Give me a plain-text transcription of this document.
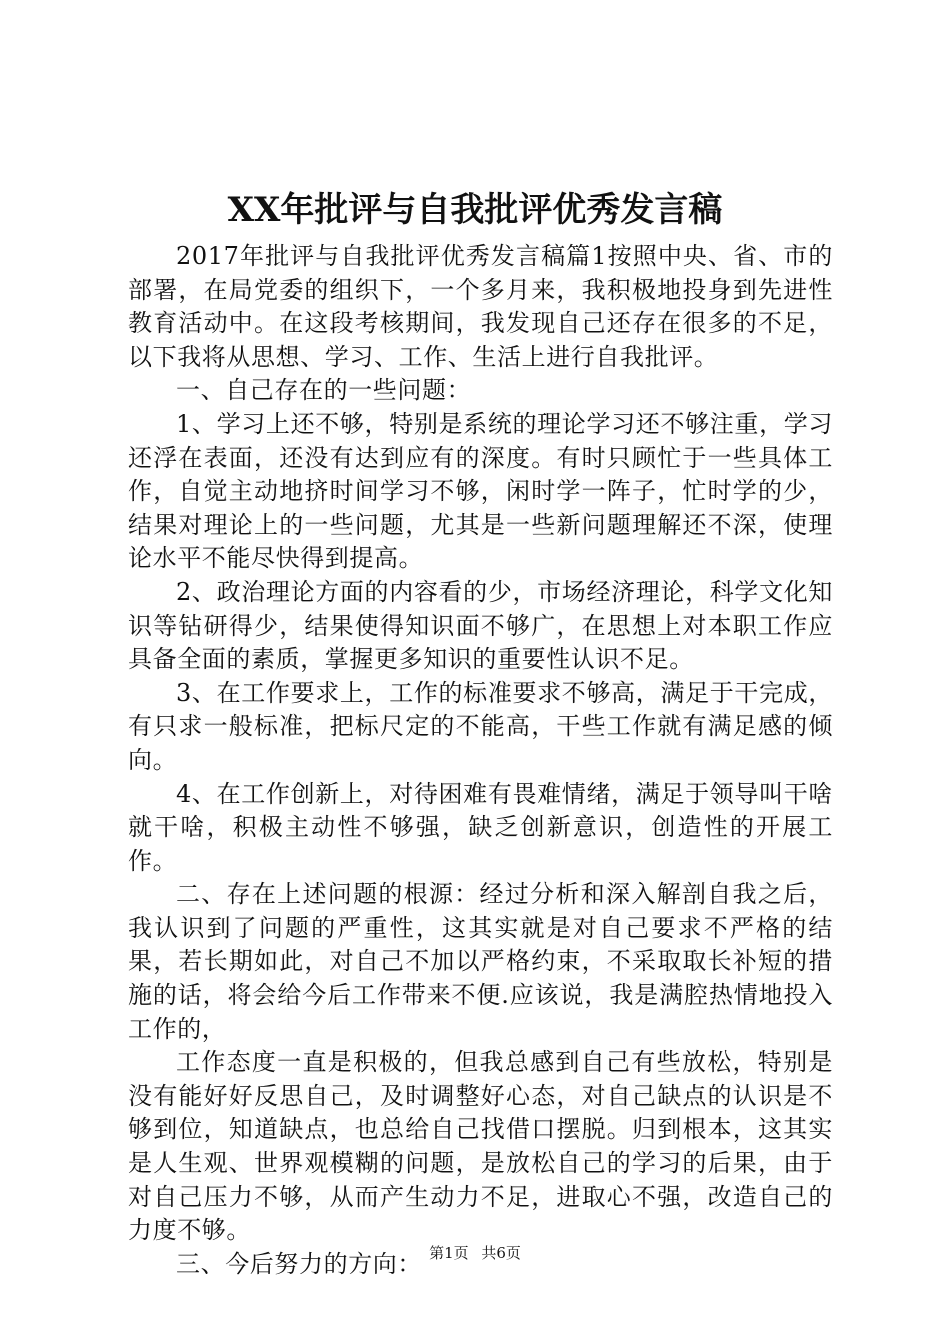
XX年批评与自我批评优秀发言稿

2017年批评与自我批评优秀发言稿篇1按照中央、省、市的部署，在局党委的组织下，一个多月来，我积极地投身到先进性教育活动中。在这段考核期间，我发现自己还存在很多的不足，以下我将从思想、学习、工作、生活上进行自我批评。

一、自己存在的一些问题：

1、学习上还不够，特别是系统的理论学习还不够注重，学习还浮在表面，还没有达到应有的深度。有时只顾忙于一些具体工作，自觉主动地挤时间学习不够，闲时学一阵子，忙时学的少，结果对理论上的一些问题，尤其是一些新问题理解还不深，使理论水平不能尽快得到提高。

2、政治理论方面的内容看的少，市场经济理论，科学文化知识等钻研得少，结果使得知识面不够广，在思想上对本职工作应具备全面的素质，掌握更多知识的重要性认识不足。

3、在工作要求上，工作的标准要求不够高，满足于干完成，有只求一般标准，把标尺定的不能高，干些工作就有满足感的倾向。

4、在工作创新上，对待困难有畏难情绪，满足于领导叫干啥就干啥，积极主动性不够强，缺乏创新意识，创造性的开展工作。

二、存在上述问题的根源：经过分析和深入解剖自我之后，我认识到了问题的严重性，这其实就是对自己要求不严格的结果，若长期如此，对自己不加以严格约束，不采取取长补短的措施的话，将会给今后工作带来不便.应该说，我是满腔热情地投入工作的，

工作态度一直是积极的，但我总感到自己有些放松，特别是没有能好好反思自己，及时调整好心态，对自己缺点的认识是不够到位，知道缺点，也总给自己找借口摆脱。归到根本，这其实是人生观、世界观模糊的问题，是放松自己的学习的后果，由于对自己压力不够，从而产生动力不足，进取心不强，改造自己的力度不够。

三、今后努力的方向： 第1页 共6页
